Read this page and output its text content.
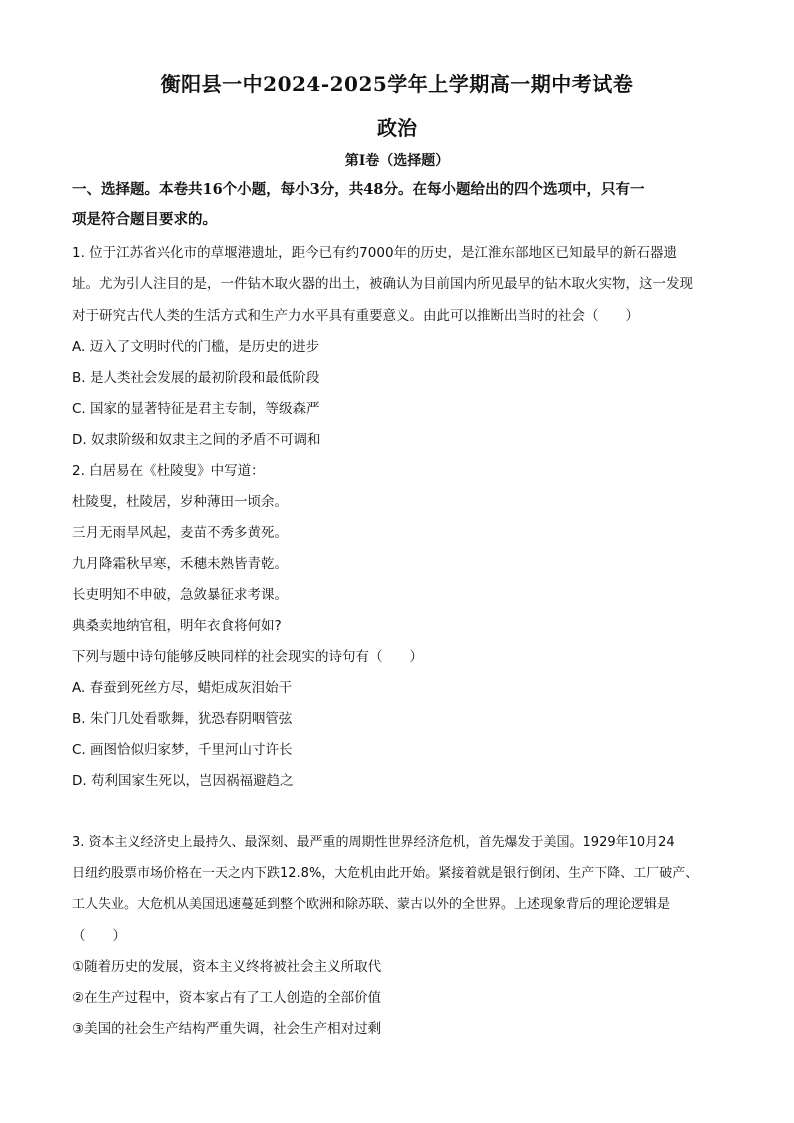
衡阳县一中2024-2025学年上学期高一期中考试卷
政治
第Ⅰ卷（选择题）
一、选择题。本卷共16个小题，每小3分，共48分。在每小题给出的四个选项中，只有一
项是符合题目要求的。
1. 位于江苏省兴化市的草堰港遗址，距今已有约7000年的历史，是江淮东部地区已知最早的新石器遗
址。尤为引人注目的是，一件钻木取火器的出土，被确认为目前国内所见最早的钻木取火实物，这一发现
对于研究古代人类的生活方式和生产力水平具有重要意义。由此可以推断出当时的社会（　　）
A. 迈入了文明时代的门槛，是历史的进步
B. 是人类社会发展的最初阶段和最低阶段
C. 国家的显著特征是君主专制，等级森严
D. 奴隶阶级和奴隶主之间的矛盾不可调和
2. 白居易在《杜陵叟》中写道：
杜陵叟，杜陵居，岁种薄田一顷余。
三月无雨旱风起，麦苗不秀多黄死。
九月降霜秋早寒，禾穗未熟皆青乾。
长吏明知不申破，急敛暴征求考课。
典桑卖地纳官租，明年衣食将何如?
下列与题中诗句能够反映同样的社会现实的诗句有（　　）
A. 春蚕到死丝方尽，蜡炬成灰泪始干
B. 朱门几处看歌舞，犹恐春阴咽管弦
C. 画图恰似归家梦，千里河山寸许长
D. 苟利国家生死以，岂因祸福避趋之
3. 资本主义经济史上最持久、最深刻、最严重的周期性世界经济危机，首先爆发于美国。1929年10月24
日纽约股票市场价格在一天之内下跌12.8%，大危机由此开始。紧接着就是银行倒闭、生产下降、工厂破产、
工人失业。大危机从美国迅速蔓延到整个欧洲和除苏联、蒙古以外的全世界。上述现象背后的理论逻辑是
（　　）
①随着历史的发展，资本主义终将被社会主义所取代
②在生产过程中，资本家占有了工人创造的全部价值
③美国的社会生产结构严重失调，社会生产相对过剩
